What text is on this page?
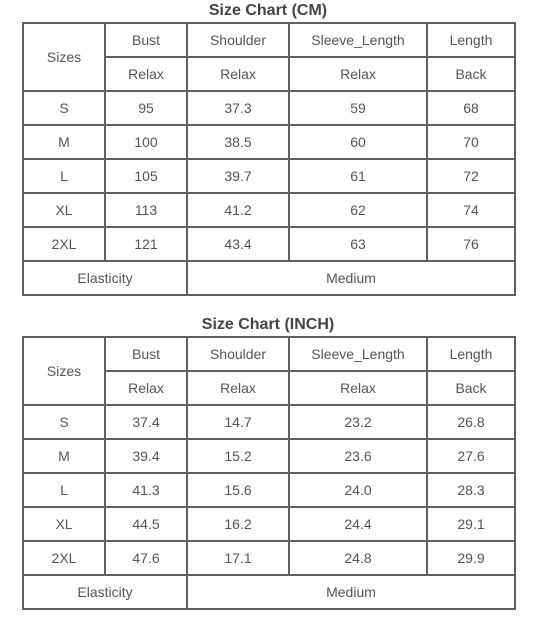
Size Chart (CM)
Sizes	Bust	Shoulder	Sleeve_Length	Length
	Relax	Relax	Relax	Back
S	95	37.3	59	68
M	100	38.5	60	70
L	105	39.7	61	72
XL	113	41.2	62	74
2XL	121	43.4	63	76
Elasticity		Medium		
Size Chart (INCH)
Sizes	Bust	Shoulder	Sleeve_Length	Length
	Relax	Relax	Relax	Back
S	37.4	14.7	23.2	26.8
M	39.4	15.2	23.6	27.6
L	41.3	15.6	24.0	28.3
XL	44.5	16.2	24.4	29.1
2XL	47.6	17.1	24.8	29.9
Elasticity		Medium		
